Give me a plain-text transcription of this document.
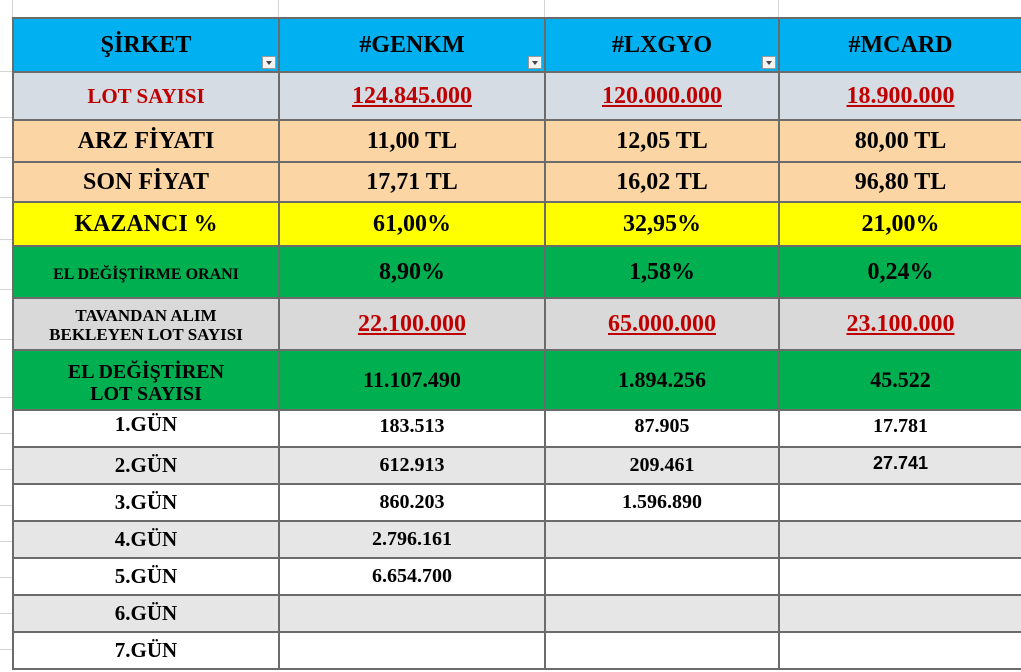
ŞİRKET	#GENKM	#LXGYO	#MCARD
LOT SAYISI	124.845.000	120.000.000	18.900.000
ARZ FİYATI	11,00 TL	12,05 TL	80,00 TL
SON FİYAT	17,71 TL	16,02 TL	96,80 TL
KAZANCI %	61,00%	32,95%	21,00%
EL DEĞİŞTİRME ORANI	8,90%	1,58%	0,24%
TAVANDAN ALIM
BEKLEYEN LOT SAYISI	22.100.000	65.000.000	23.100.000
EL DEĞİŞTİREN
LOT SAYISI	11.107.490	1.894.256	45.522
1.GÜN	183.513	87.905	17.781
2.GÜN	612.913	209.461	27.741
3.GÜN	860.203	1.596.890	
4.GÜN	2.796.161		
5.GÜN	6.654.700		
6.GÜN			
7.GÜN			
